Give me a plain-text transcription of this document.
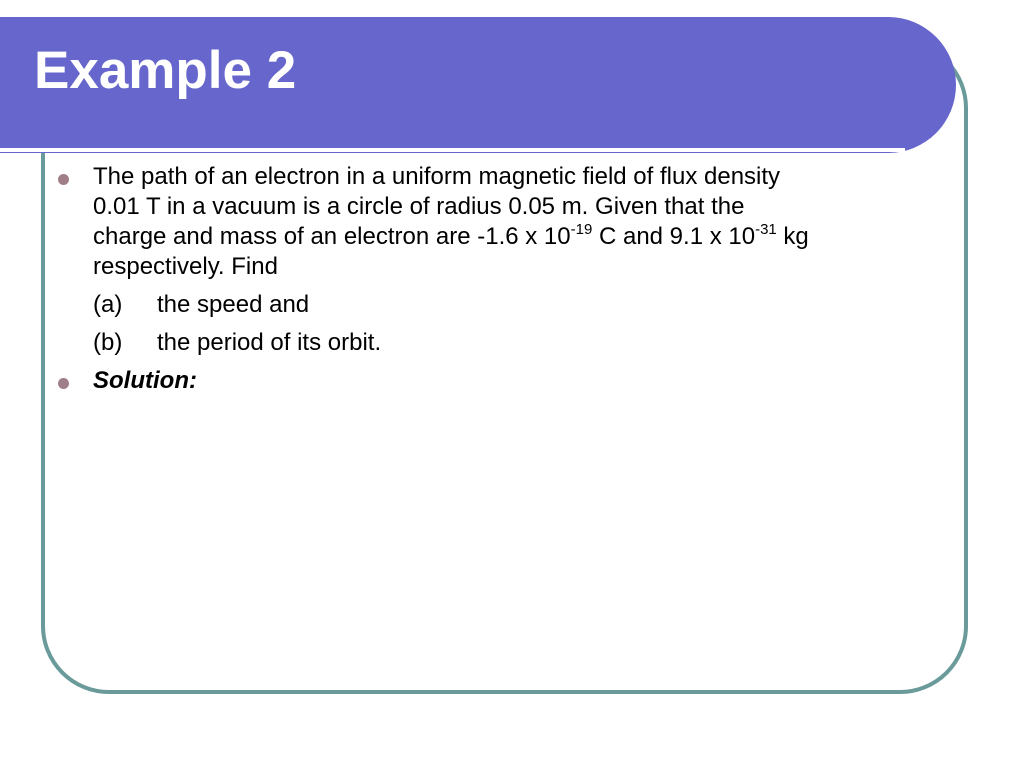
Example 2

The path of an electron in a uniform magnetic field of flux density
0.01 T in a vacuum is a circle of radius 0.05 m. Given that the
charge and mass of an electron are -1.6 x $10^{-19}$ C and 9.1 x $10^{-31}$ kg
respectively. Find

(a) the speed and
(b) the period of its orbit.

Solution:
